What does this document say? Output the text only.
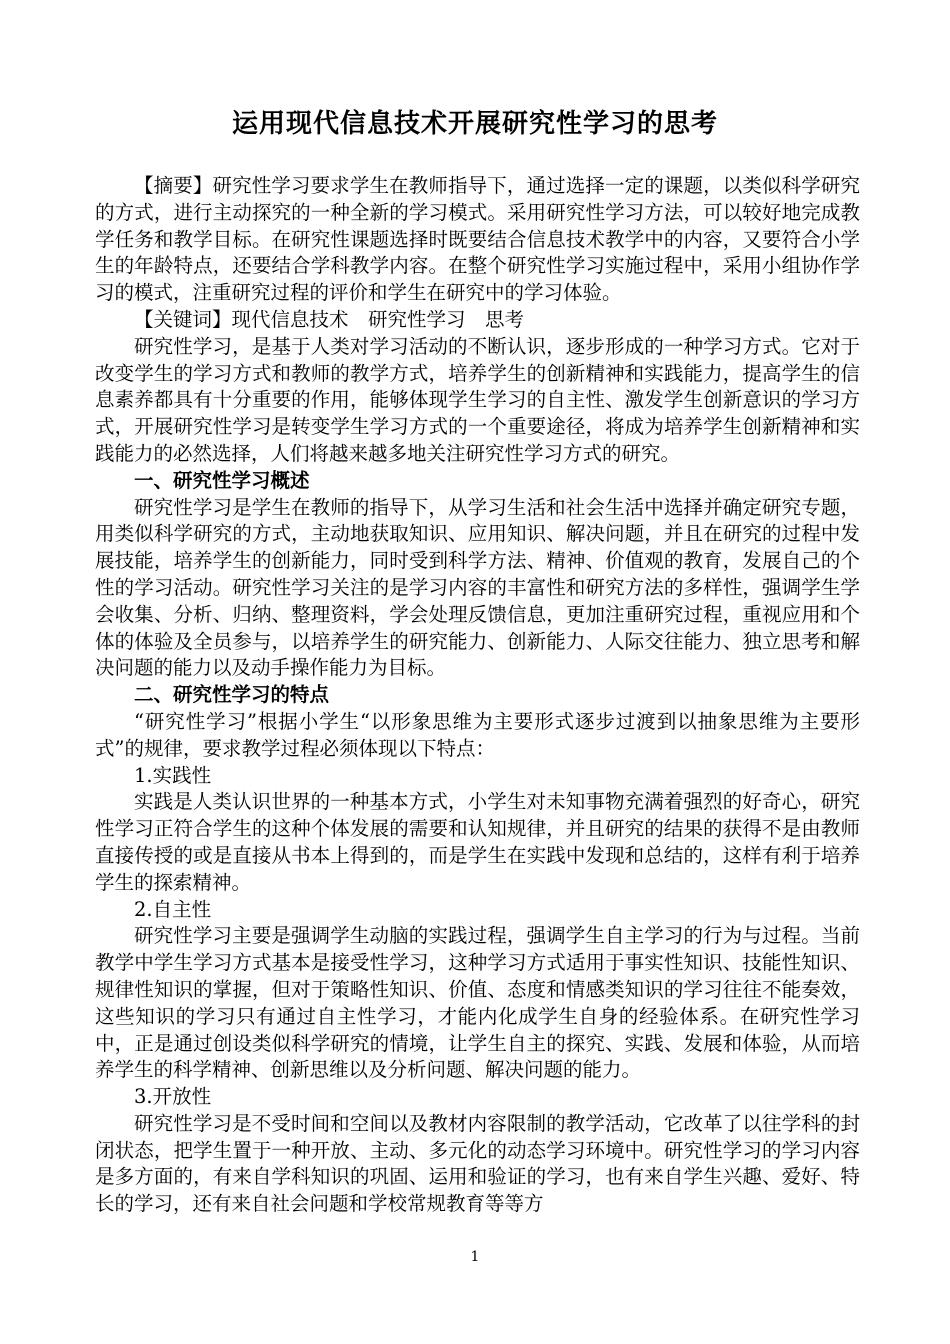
运用现代信息技术开展研究性学习的思考

【摘要】研究性学习要求学生在教师指导下，通过选择一定的课题，以类似科学研究的方式，进行主动探究的一种全新的学习模式。采用研究性学习方法，可以较好地完成教学任务和教学目标。在研究性课题选择时既要结合信息技术教学中的内容，又要符合小学生的年龄特点，还要结合学科教学内容。在整个研究性学习实施过程中，采用小组协作学习的模式，注重研究过程的评价和学生在研究中的学习体验。

【关键词】现代信息技术　研究性学习　思考

研究性学习，是基于人类对学习活动的不断认识，逐步形成的一种学习方式。它对于改变学生的学习方式和教师的教学方式，培养学生的创新精神和实践能力，提高学生的信息素养都具有十分重要的作用，能够体现学生学习的自主性、激发学生创新意识的学习方式，开展研究性学习是转变学生学习方式的一个重要途径，将成为培养学生创新精神和实践能力的必然选择，人们将越来越多地关注研究性学习方式的研究。

一、研究性学习概述

研究性学习是学生在教师的指导下，从学习生活和社会生活中选择并确定研究专题，用类似科学研究的方式，主动地获取知识、应用知识、解决问题，并且在研究的过程中发展技能，培养学生的创新能力，同时受到科学方法、精神、价值观的教育，发展自己的个性的学习活动。研究性学习关注的是学习内容的丰富性和研究方法的多样性，强调学生学会收集、分析、归纳、整理资料，学会处理反馈信息，更加注重研究过程，重视应用和个体的体验及全员参与，以培养学生的研究能力、创新能力、人际交往能力、独立思考和解决问题的能力以及动手操作能力为目标。

二、研究性学习的特点

“研究性学习”根据小学生“以形象思维为主要形式逐步过渡到以抽象思维为主要形式”的规律，要求教学过程必须体现以下特点：

1.实践性

实践是人类认识世界的一种基本方式，小学生对未知事物充满着强烈的好奇心，研究性学习正符合学生的这种个体发展的需要和认知规律，并且研究的结果的获得不是由教师直接传授的或是直接从书本上得到的，而是学生在实践中发现和总结的，这样有利于培养学生的探索精神。

2.自主性

研究性学习主要是强调学生动脑的实践过程，强调学生自主学习的行为与过程。当前教学中学生学习方式基本是接受性学习，这种学习方式适用于事实性知识、技能性知识、规律性知识的掌握，但对于策略性知识、价值、态度和情感类知识的学习往往不能奏效，这些知识的学习只有通过自主性学习，才能内化成学生自身的经验体系。在研究性学习中，正是通过创设类似科学研究的情境，让学生自主的探究、实践、发展和体验，从而培养学生的科学精神、创新思维以及分析问题、解决问题的能力。

3.开放性

研究性学习是不受时间和空间以及教材内容限制的教学活动，它改革了以往学科的封闭状态，把学生置于一种开放、主动、多元化的动态学习环境中。研究性学习的学习内容是多方面的，有来自学科知识的巩固、运用和验证的学习，也有来自学生兴趣、爱好、特长的学习，还有来自社会问题和学校常规教育等等方

1
